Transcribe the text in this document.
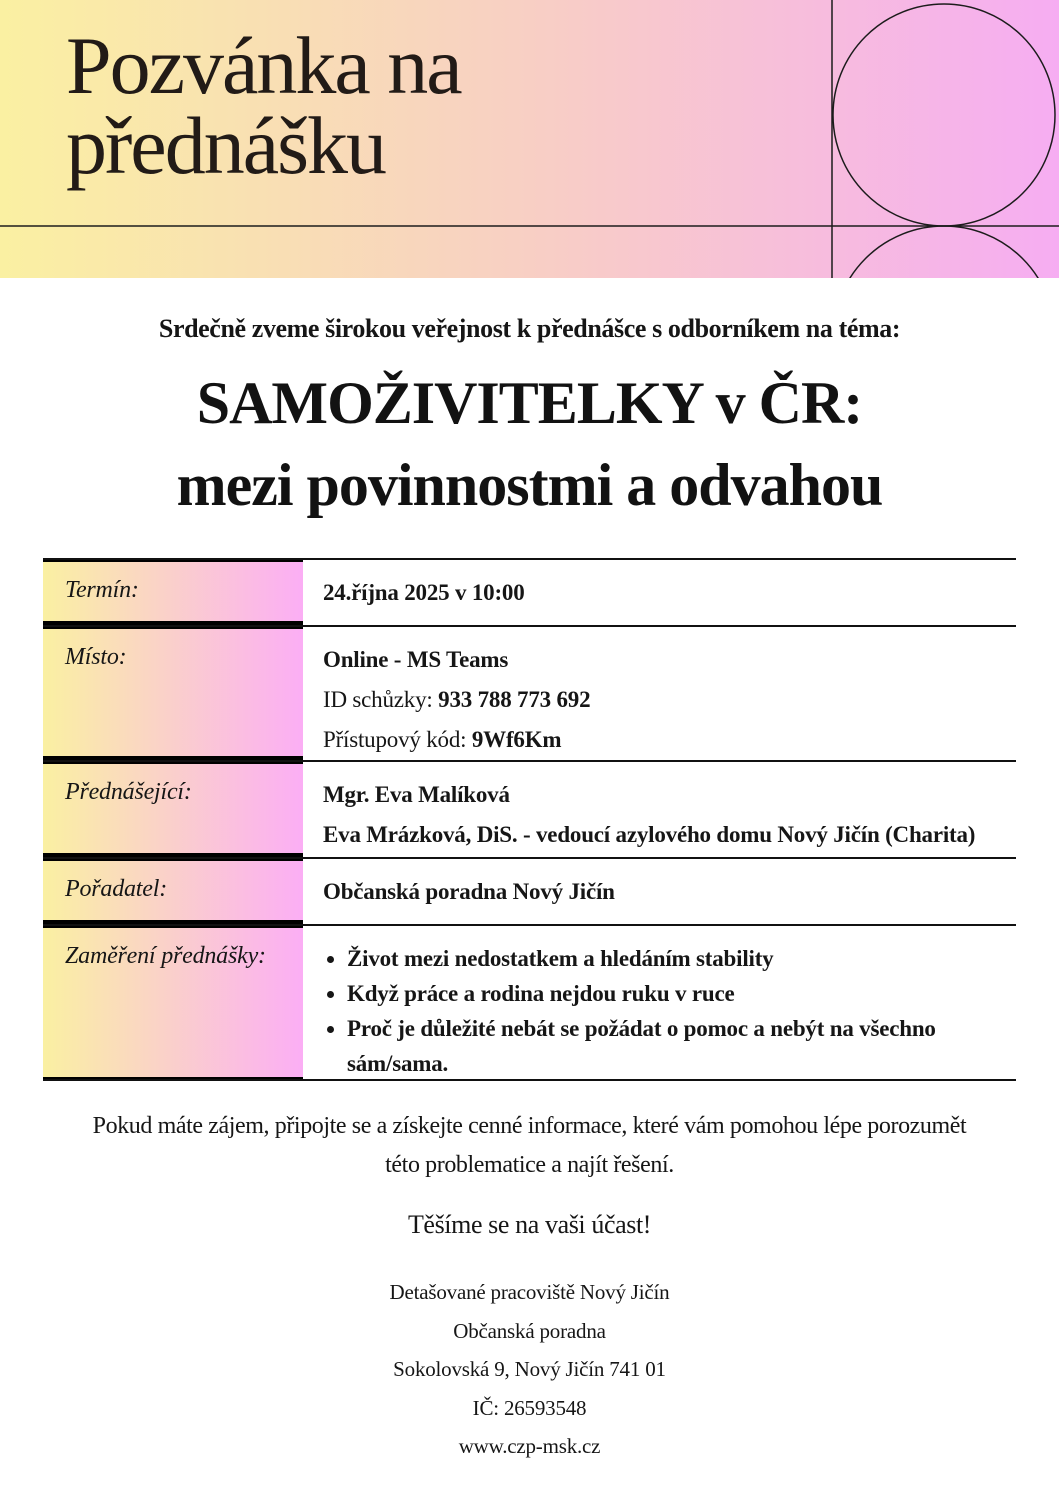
Pozvánka na
přednášku

Srdečně zveme širokou veřejnost k přednášce s odborníkem na téma:

SAMOŽIVITELKY v ČR:
mezi povinnostmi a odvahou
Termín:	24.října 2025 v 10:00
Místo:	Online - MS Teams
ID schůzky: 933 788 773 692
Přístupový kód: 9Wf6Km
Přednášející:	Mgr. Eva Malíková
Eva Mrázková, DiS. - vedoucí azylového domu Nový Jičín (Charita)
Pořadatel:	Občanská poradna Nový Jičín
Zaměření přednášky:	• Život mezi nedostatkem a hledáním stability
• Když práce a rodina nejdou ruku v ruce
• Proč je důležité nebát se požádat o pomoc a nebýt na všechno sám/sama.

Pokud máte zájem, připojte se a získejte cenné informace, které vám pomohou lépe porozumět
této problematice a najít řešení.

Těšíme se na vaši účast!

Detašované pracoviště Nový Jičín
Občanská poradna
Sokolovská 9, Nový Jičín 741 01
IČ: 26593548
www.czp-msk.cz
